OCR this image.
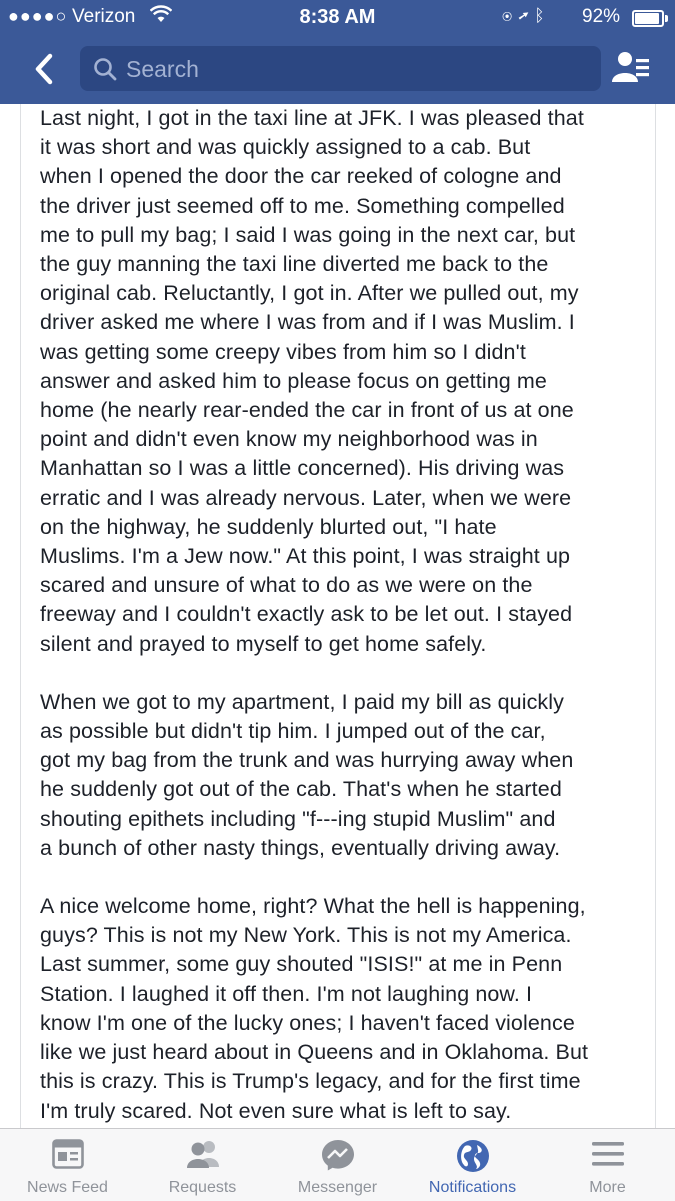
●●●●○ Verizon	8:38 AM	◉➚ᛒ 92%
Search

Last night, I got in the taxi line at JFK. I was pleased that
it was short and was quickly assigned to a cab. But
when I opened the door the car reeked of cologne and
the driver just seemed off to me. Something compelled
me to pull my bag; I said I was going in the next car, but
the guy manning the taxi line diverted me back to the
original cab. Reluctantly, I got in. After we pulled out, my
driver asked me where I was from and if I was Muslim. I
was getting some creepy vibes from him so I didn't
answer and asked him to please focus on getting me
home (he nearly rear-ended the car in front of us at one
point and didn't even know my neighborhood was in
Manhattan so I was a little concerned). His driving was
erratic and I was already nervous. Later, when we were
on the highway, he suddenly blurted out, "I hate
Muslims. I'm a Jew now." At this point, I was straight up
scared and unsure of what to do as we were on the
freeway and I couldn't exactly ask to be let out. I stayed
silent and prayed to myself to get home safely.

When we got to my apartment, I paid my bill as quickly
as possible but didn't tip him. I jumped out of the car,
got my bag from the trunk and was hurrying away when
he suddenly got out of the cab. That's when he started
shouting epithets including "f---ing stupid Muslim" and
a bunch of other nasty things, eventually driving away.

A nice welcome home, right? What the hell is happening,
guys? This is not my New York. This is not my America.
Last summer, some guy shouted "ISIS!" at me in Penn
Station. I laughed it off then. I'm not laughing now. I
know I'm one of the lucky ones; I haven't faced violence
like we just heard about in Queens and in Oklahoma. But
this is crazy. This is Trump's legacy, and for the first time
I'm truly scared. Not even sure what is left to say.

News Feed	Requests	Messenger	Notifications	More
